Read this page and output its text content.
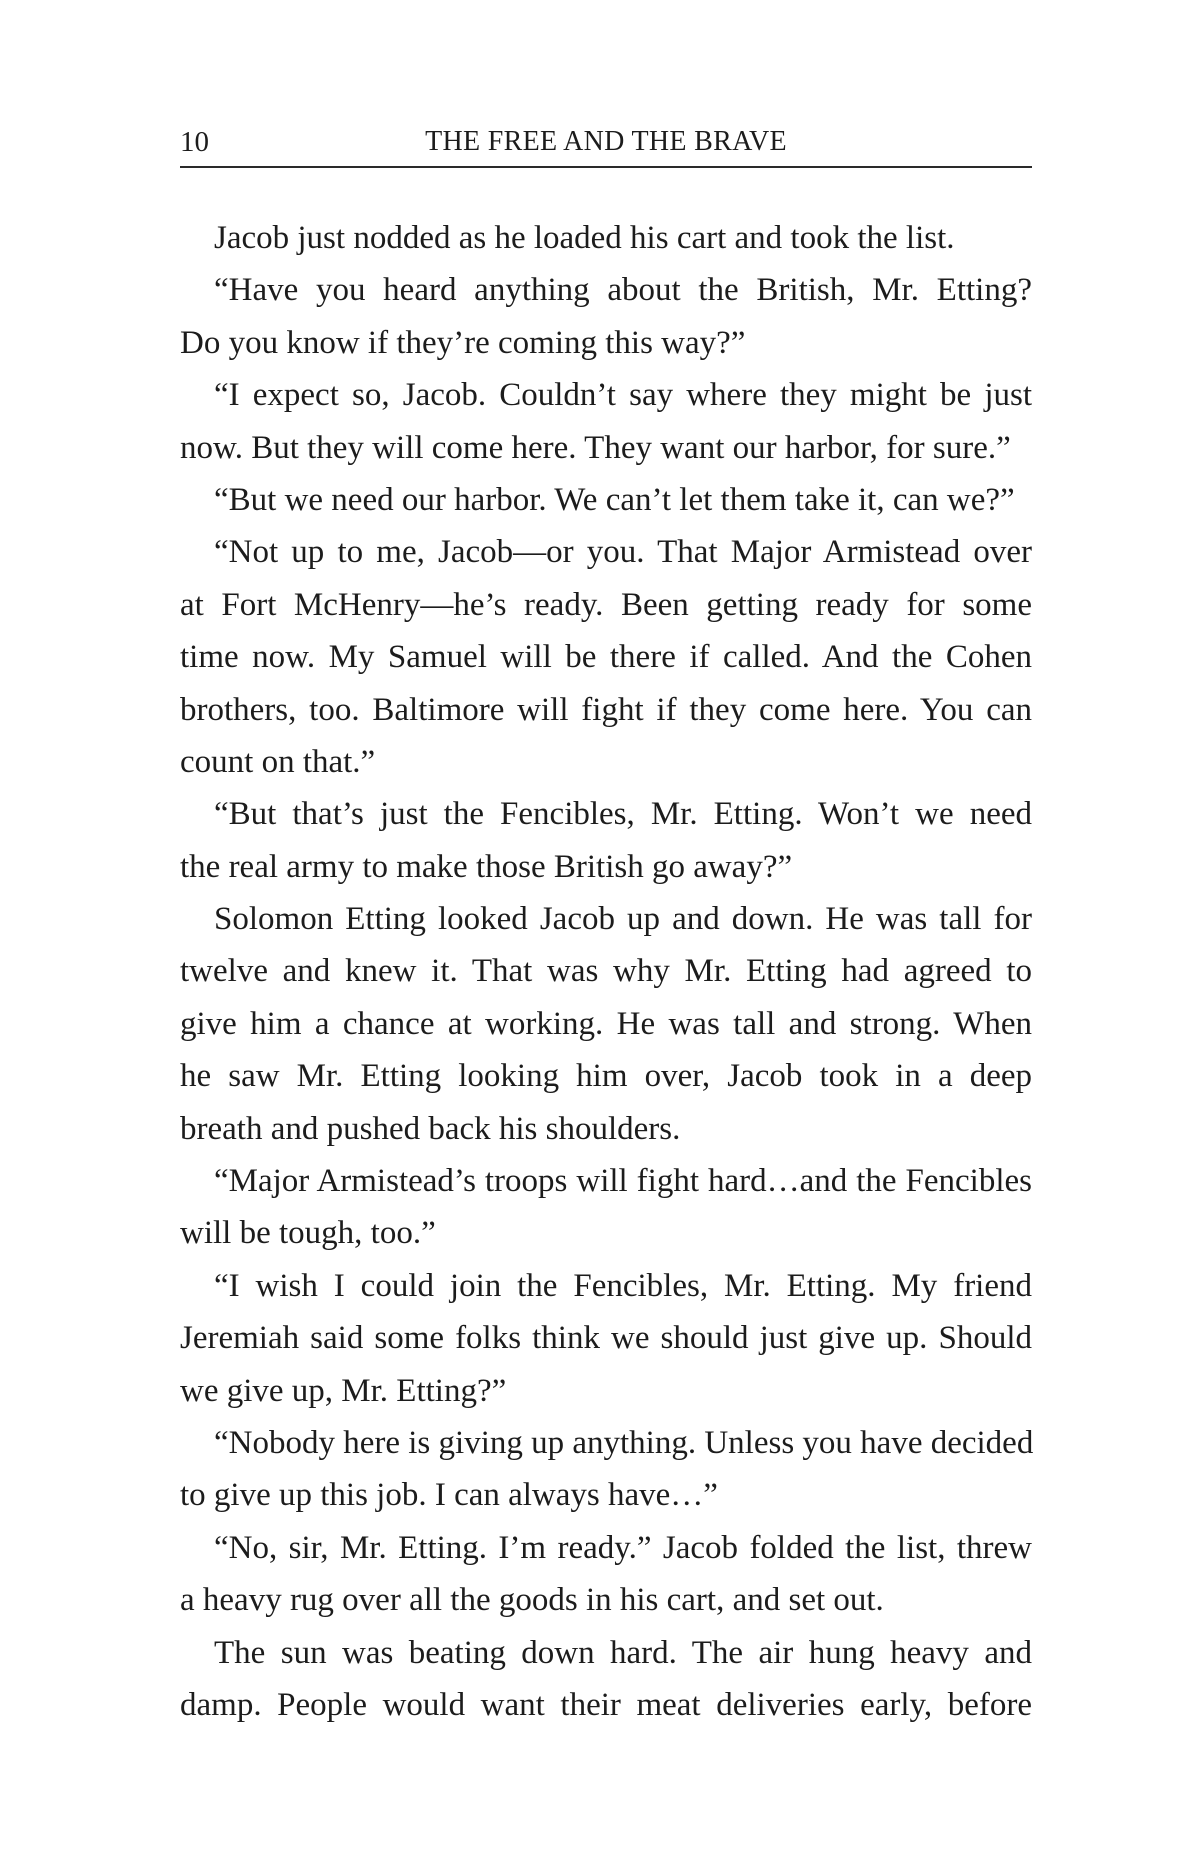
10	THE FREE AND THE BRAVE
Jacob just nodded as he loaded his cart and took the list.
“Have you heard anything about the British, Mr. Etting?
Do you know if they’re coming this way?”
“I expect so, Jacob. Couldn’t say where they might be just
now. But they will come here. They want our harbor, for sure.”
“But we need our harbor. We can’t let them take it, can we?”
“Not up to me, Jacob—or you. That Major Armistead over
at Fort McHenry—he’s ready. Been getting ready for some
time now. My Samuel will be there if called. And the Cohen
brothers, too. Baltimore will fight if they come here. You can
count on that.”
“But that’s just the Fencibles, Mr. Etting. Won’t we need
the real army to make those British go away?”
Solomon Etting looked Jacob up and down. He was tall for
twelve and knew it. That was why Mr. Etting had agreed to
give him a chance at working. He was tall and strong. When
he saw Mr. Etting looking him over, Jacob took in a deep
breath and pushed back his shoulders.
“Major Armistead’s troops will fight hard…and the Fencibles
will be tough, too.”
“I wish I could join the Fencibles, Mr. Etting. My friend
Jeremiah said some folks think we should just give up. Should
we give up, Mr. Etting?”
“Nobody here is giving up anything. Unless you have decided
to give up this job. I can always have…”
“No, sir, Mr. Etting. I’m ready.” Jacob folded the list, threw
a heavy rug over all the goods in his cart, and set out.
The sun was beating down hard. The air hung heavy and
damp. People would want their meat deliveries early, before
